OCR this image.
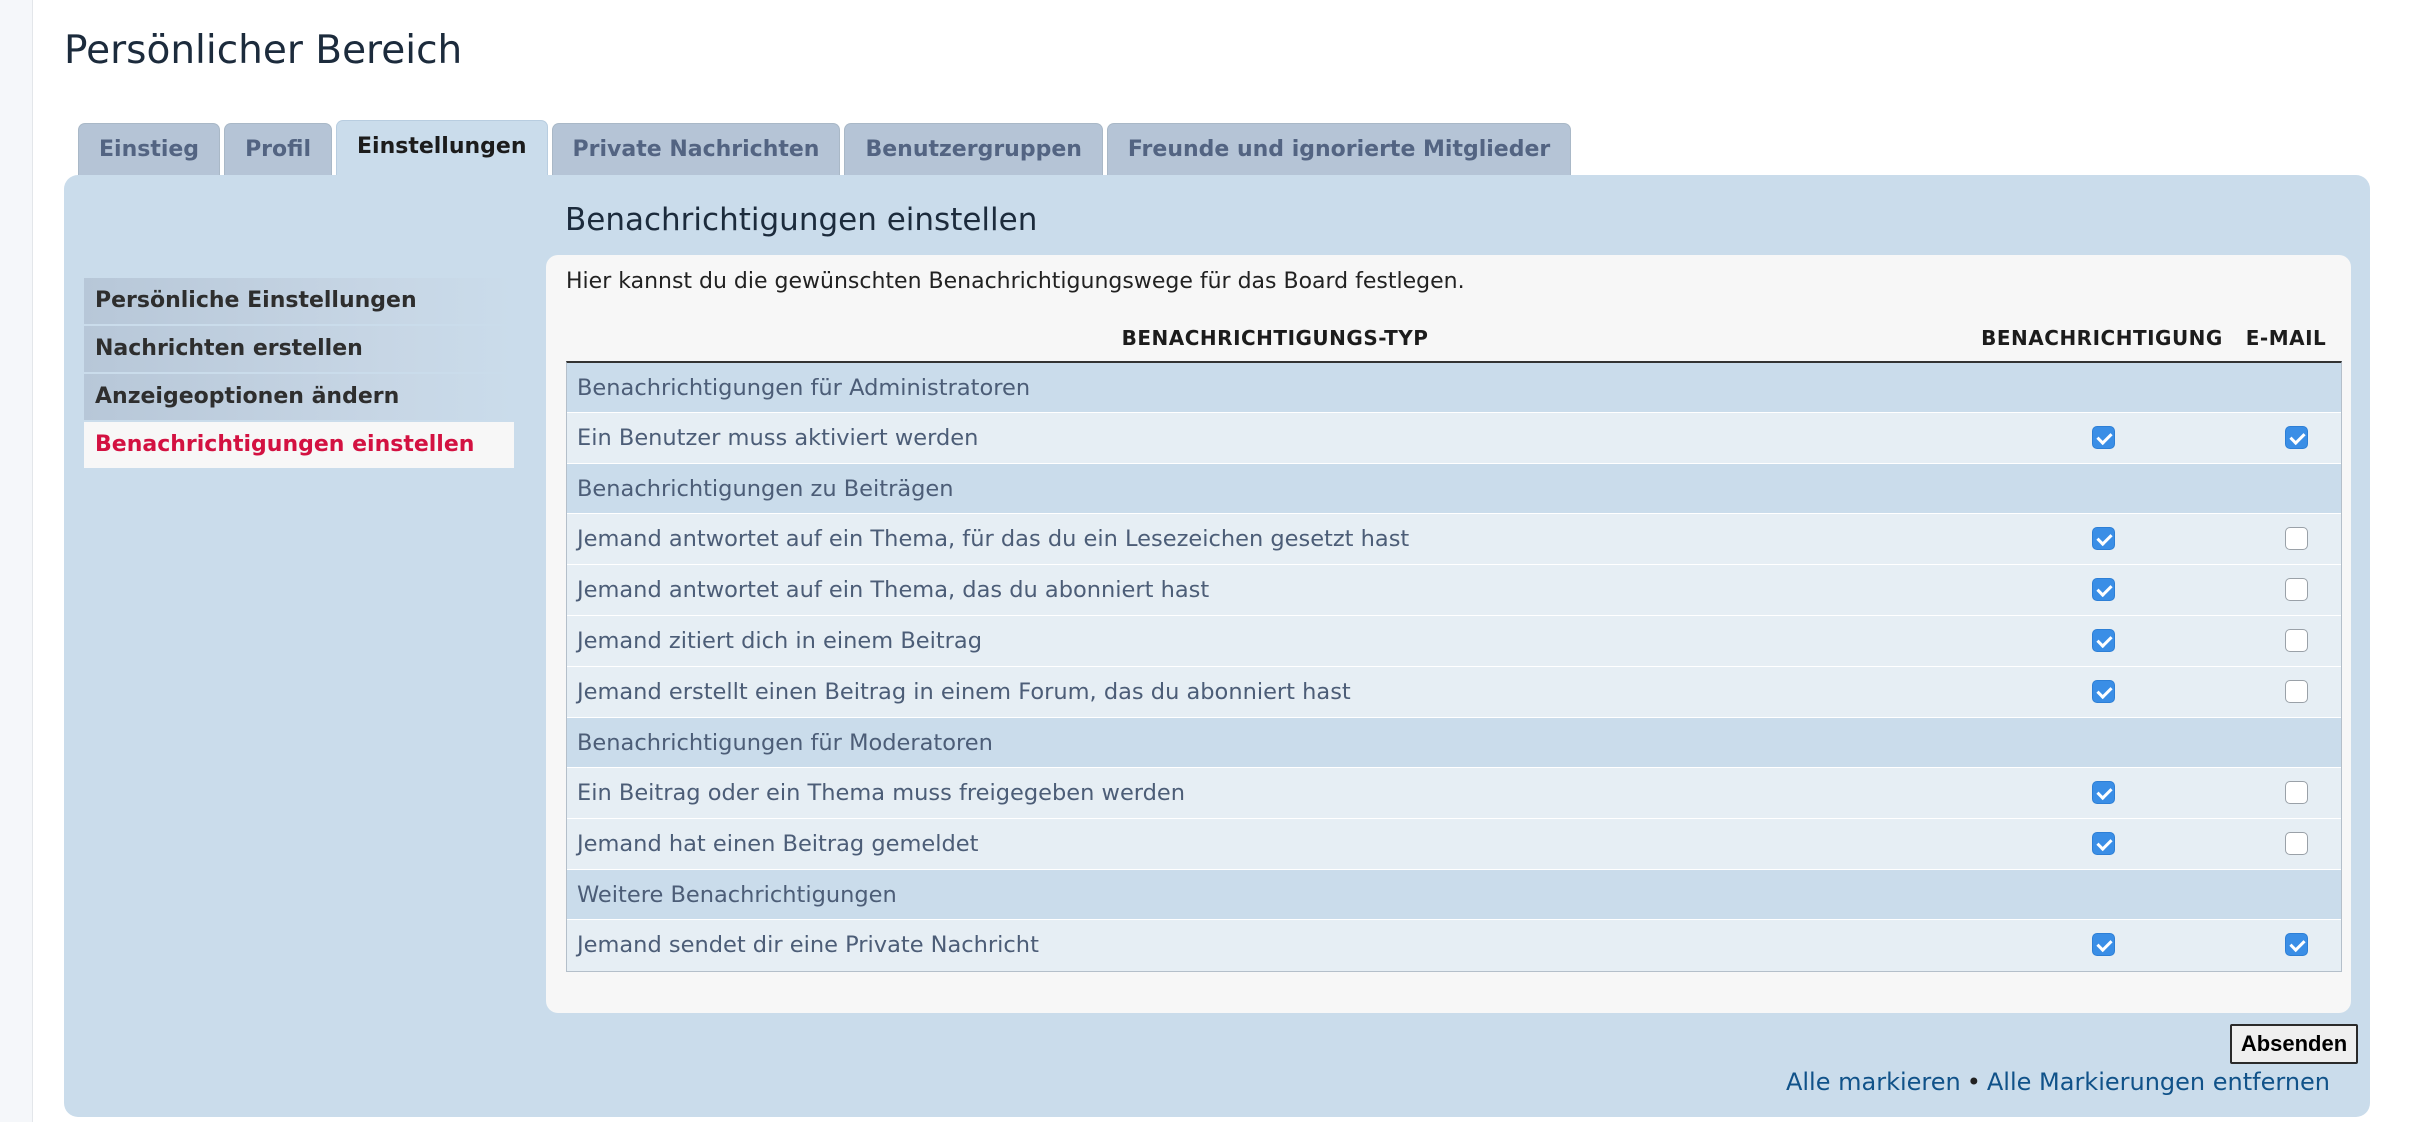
Persönlicher Bereich
Einstieg	Profil	Einstellungen	Private Nachrichten	Benutzergruppen	Freunde und ignorierte Mitglieder
Persönliche Einstellungen
Nachrichten erstellen
Anzeigeoptionen ändern
Benachrichtigungen einstellen
Benachrichtigungen einstellen
Hier kannst du die gewünschten Benachrichtigungswege für das Board festlegen.
BENACHRICHTIGUNGS-TYP	BENACHRICHTIGUNG	E-MAIL
Benachrichtigungen für Administratoren
Ein Benutzer muss aktiviert werden
Benachrichtigungen zu Beiträgen
Jemand antwortet auf ein Thema, für das du ein Lesezeichen gesetzt hast
Jemand antwortet auf ein Thema, das du abonniert hast
Jemand zitiert dich in einem Beitrag
Jemand erstellt einen Beitrag in einem Forum, das du abonniert hast
Benachrichtigungen für Moderatoren
Ein Beitrag oder ein Thema muss freigegeben werden
Jemand hat einen Beitrag gemeldet
Weitere Benachrichtigungen
Jemand sendet dir eine Private Nachricht
Absenden
Alle markieren • Alle Markierungen entfernen
